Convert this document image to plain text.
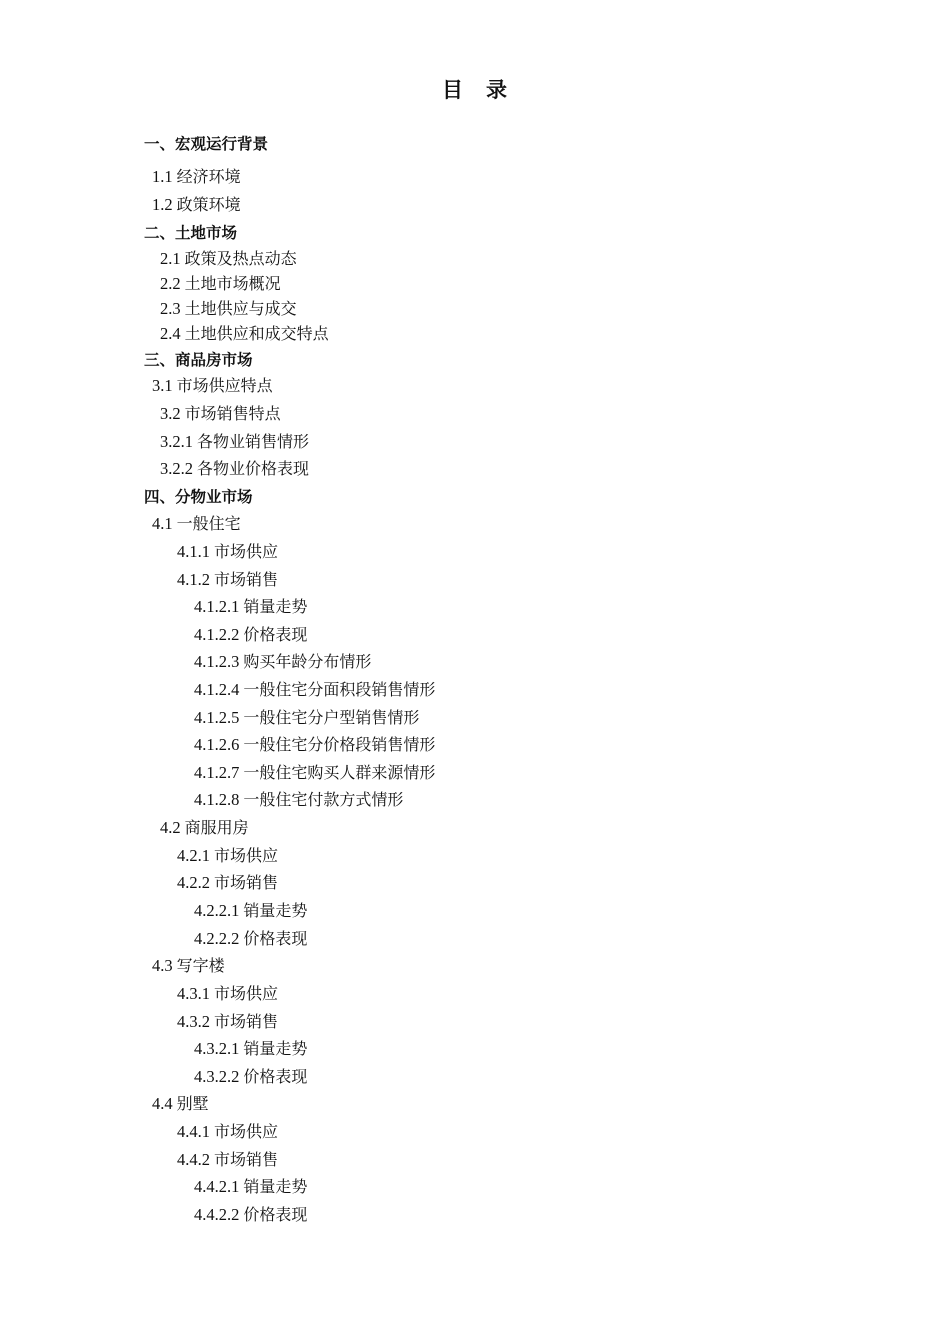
目　录
一、宏观运行背景
1.1 经济环境
1.2 政策环境
二、土地市场
2.1 政策及热点动态
2.2 土地市场概况
2.3 土地供应与成交
2.4 土地供应和成交特点
三、商品房市场
3.1 市场供应特点
3.2 市场销售特点
3.2.1 各物业销售情形
3.2.2 各物业价格表现
四、分物业市场
4.1 一般住宅
4.1.1 市场供应
4.1.2 市场销售
4.1.2.1 销量走势
4.1.2.2 价格表现
4.1.2.3 购买年龄分布情形
4.1.2.4 一般住宅分面积段销售情形
4.1.2.5 一般住宅分户型销售情形
4.1.2.6 一般住宅分价格段销售情形
4.1.2.7 一般住宅购买人群来源情形
4.1.2.8 一般住宅付款方式情形
4.2 商服用房
4.2.1 市场供应
4.2.2 市场销售
4.2.2.1 销量走势
4.2.2.2 价格表现
4.3 写字楼
4.3.1 市场供应
4.3.2 市场销售
4.3.2.1 销量走势
4.3.2.2 价格表现
4.4 别墅
4.4.1 市场供应
4.4.2 市场销售
4.4.2.1 销量走势
4.4.2.2 价格表现
